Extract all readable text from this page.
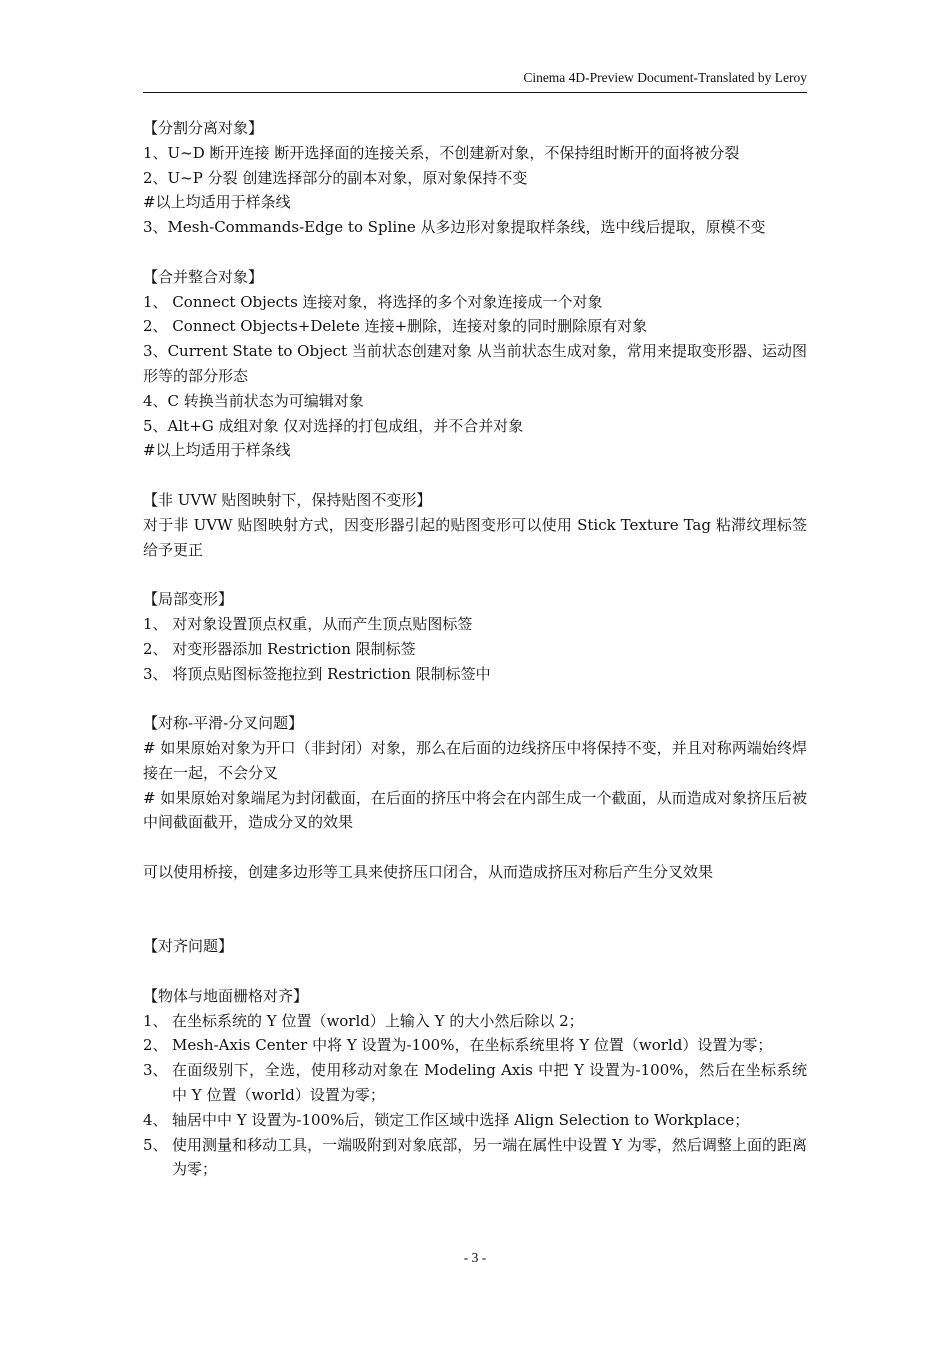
Cinema 4D-Preview Document-Translated by Leroy
【分割分离对象】
1、U~D 断开连接 断开选择面的连接关系，不创建新对象，不保持组时断开的面将被分裂
2、U~P 分裂 创建选择部分的副本对象，原对象保持不变
#以上均适用于样条线
3、Mesh-Commands-Edge to Spline 从多边形对象提取样条线，选中线后提取，原模不变
【合并整合对象】
1、 Connect Objects 连接对象，将选择的多个对象连接成一个对象
2、 Connect Objects+Delete 连接+删除，连接对象的同时删除原有对象
3、Current State to Object 当前状态创建对象 从当前状态生成对象，常用来提取变形器、运动图形等的部分形态
4、C 转换当前状态为可编辑对象
5、Alt+G 成组对象 仅对选择的打包成组，并不合并对象
#以上均适用于样条线
【非 UVW 贴图映射下，保持贴图不变形】
对于非 UVW 贴图映射方式，因变形器引起的贴图变形可以使用 Stick Texture Tag 粘滞纹理标签给予更正
【局部变形】
1、 对对象设置顶点权重，从而产生顶点贴图标签
2、 对变形器添加 Restriction 限制标签
3、 将顶点贴图标签拖拉到 Restriction 限制标签中
【对称-平滑-分叉问题】
# 如果原始对象为开口（非封闭）对象，那么在后面的边线挤压中将保持不变，并且对称两端始终焊接在一起，不会分叉
# 如果原始对象端尾为封闭截面，在后面的挤压中将会在内部生成一个截面，从而造成对象挤压后被中间截面截开，造成分叉的效果
可以使用桥接，创建多边形等工具来使挤压口闭合，从而造成挤压对称后产生分叉效果
【对齐问题】
【物体与地面栅格对齐】
1、 在坐标系统的 Y 位置（world）上输入 Y 的大小然后除以 2；
2、 Mesh-Axis Center 中将 Y 设置为-100%，在坐标系统里将 Y 位置（world）设置为零；
3、 在面级别下，全选，使用移动对象在 Modeling Axis 中把 Y 设置为-100%，然后在坐标系统中 Y 位置（world）设置为零；
4、 轴居中中 Y 设置为-100%后，锁定工作区域中选择 Align Selection to Workplace；
5、 使用测量和移动工具，一端吸附到对象底部，另一端在属性中设置 Y 为零，然后调整上面的距离为零；
- 3 -
